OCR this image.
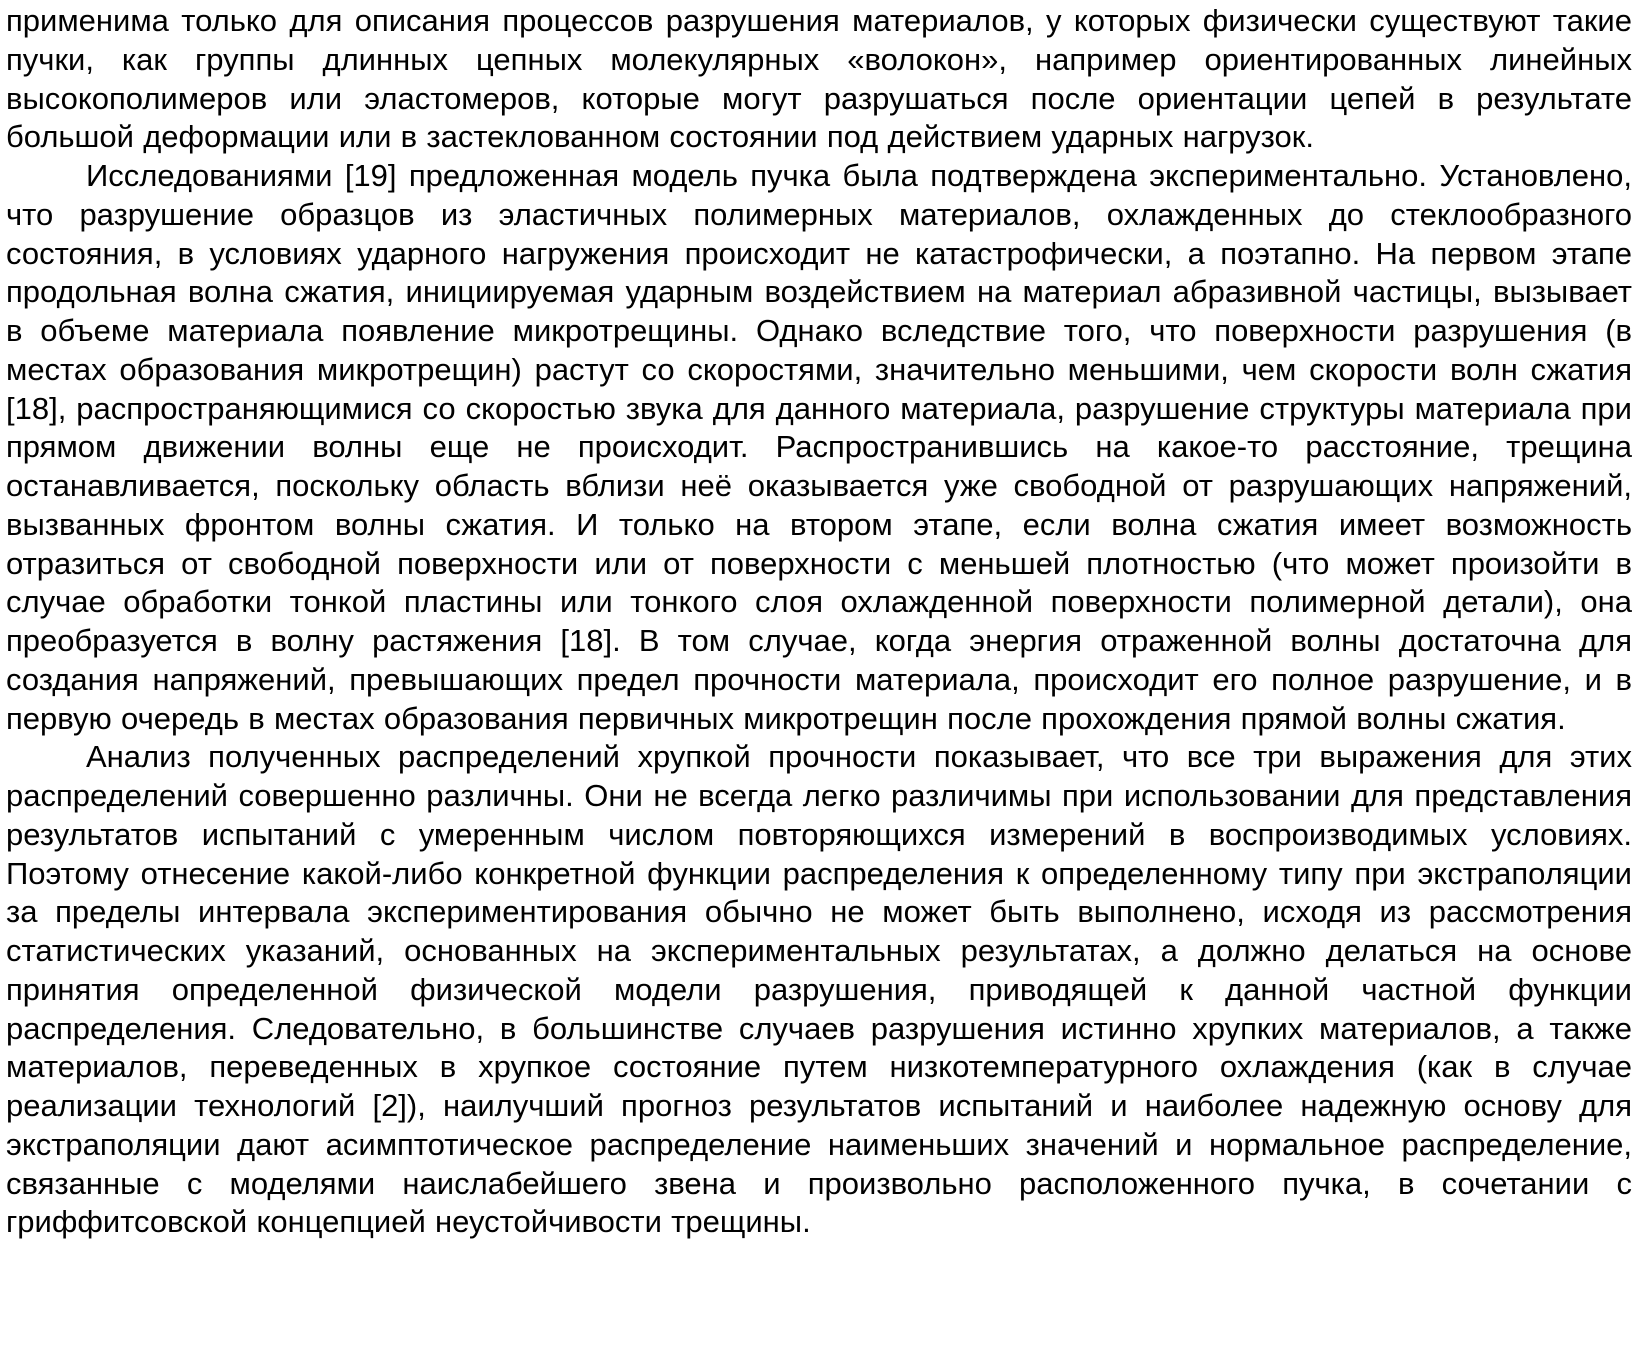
применима только для описания процессов разрушения материалов, у которых физически существуют такие пучки, как группы длинных цепных молекулярных «волокон», например ориентированных линейных высокополимеров или эластомеров, которые могут разрушаться после ориентации цепей в результате большой деформации или в застеклованном состоянии под действием ударных нагрузок.

Исследованиями [19] предложенная модель пучка была подтверждена экспериментально. Установлено, что разрушение образцов из эластичных полимерных материалов, охлажденных до стеклообразного состояния, в условиях ударного нагружения происходит не катастрофически, а поэтапно. На первом этапе продольная волна сжатия, инициируемая ударным воздействием на материал абразивной частицы, вызывает в объеме материала появление микротрещины. Однако вследствие того, что поверхности разрушения (в местах образования микротрещин) растут со скоростями, значительно меньшими, чем скорости волн сжатия [18], распространяющимися со скоростью звука для данного материала, разрушение структуры материала при прямом движении волны еще не происходит. Распространившись на какое-то расстояние, трещина останавливается, поскольку область вблизи неё оказывается уже свободной от разрушающих напряжений, вызванных фронтом волны сжатия. И только на втором этапе, если волна сжатия имеет возможность отразиться от свободной поверхности или от поверхности с меньшей плотностью (что может произойти в случае обработки тонкой пластины или тонкого слоя охлажденной поверхности полимерной детали), она преобразуется в волну растяжения [18]. В том случае, когда энергия отраженной волны достаточна для создания напряжений, превышающих предел прочности материала, происходит его полное разрушение, и в первую очередь в местах образования первичных микротрещин после прохождения прямой волны сжатия.

Анализ полученных распределений хрупкой прочности показывает, что все три выражения для этих распределений совершенно различны. Они не всегда легко различимы при использовании для представления результатов испытаний с умеренным числом повторяющихся измерений в воспроизводимых условиях. Поэтому отнесение какой-либо конкретной функции распределения к определенному типу при экстраполяции за пределы интервала экспериментирования обычно не может быть выполнено, исходя из рассмотрения статистических указаний, основанных на экспериментальных результатах, а должно делаться на основе принятия определенной физической модели разрушения, приводящей к данной частной функции распределения. Следовательно, в большинстве случаев разрушения истинно хрупких материалов, а также материалов, переведенных в хрупкое состояние путем низкотемпературного охлаждения (как в случае реализации технологий [2]), наилучший прогноз результатов испытаний и наиболее надежную основу для экстраполяции дают асимптотическое распределение наименьших значений и нормальное распределение, связанные с моделями наислабейшего звена и произвольно расположенного пучка, в сочетании с гриффитсовской концепцией неустойчивости трещины.
